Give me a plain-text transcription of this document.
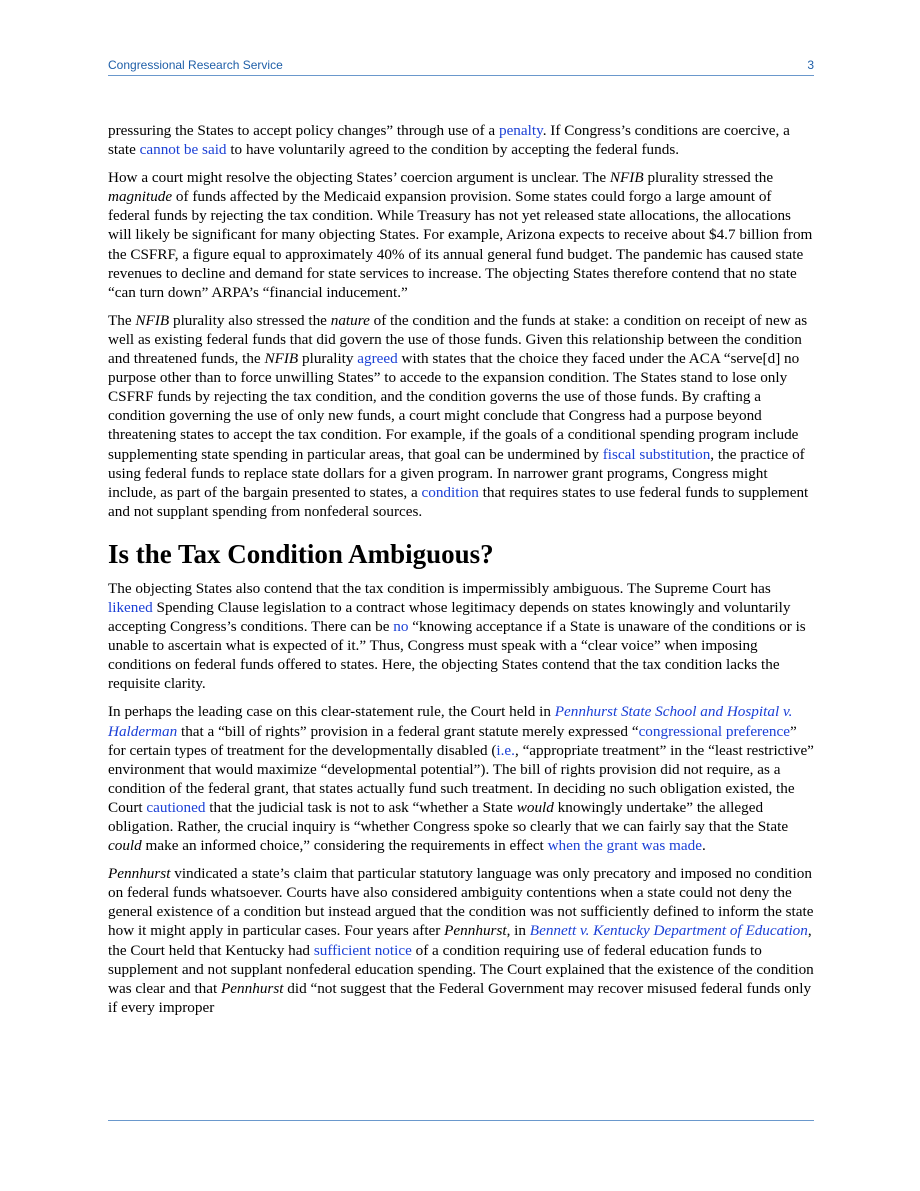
Congressional Research Service	3

pressuring the States to accept policy changes” through use of a penalty. If Congress’s conditions are coercive, a state cannot be said to have voluntarily agreed to the condition by accepting the federal funds.

How a court might resolve the objecting States’ coercion argument is unclear. The NFIB plurality stressed the magnitude of funds affected by the Medicaid expansion provision. Some states could forgo a large amount of federal funds by rejecting the tax condition. While Treasury has not yet released state allocations, the allocations will likely be significant for many objecting States. For example, Arizona expects to receive about $4.7 billion from the CSFRF, a figure equal to approximately 40% of its annual general fund budget. The pandemic has caused state revenues to decline and demand for state services to increase. The objecting States therefore contend that no state “can turn down” ARPA’s “financial inducement.”

The NFIB plurality also stressed the nature of the condition and the funds at stake: a condition on receipt of new as well as existing federal funds that did govern the use of those funds. Given this relationship between the condition and threatened funds, the NFIB plurality agreed with states that the choice they faced under the ACA “serve[d] no purpose other than to force unwilling States” to accede to the expansion condition. The States stand to lose only CSFRF funds by rejecting the tax condition, and the condition governs the use of those funds. By crafting a condition governing the use of only new funds, a court might conclude that Congress had a purpose beyond threatening states to accept the tax condition. For example, if the goals of a conditional spending program include supplementing state spending in particular areas, that goal can be undermined by fiscal substitution, the practice of using federal funds to replace state dollars for a given program. In narrower grant programs, Congress might include, as part of the bargain presented to states, a condition that requires states to use federal funds to supplement and not supplant spending from nonfederal sources.

Is the Tax Condition Ambiguous?

The objecting States also contend that the tax condition is impermissibly ambiguous. The Supreme Court has likened Spending Clause legislation to a contract whose legitimacy depends on states knowingly and voluntarily accepting Congress’s conditions. There can be no “knowing acceptance if a State is unaware of the conditions or is unable to ascertain what is expected of it.” Thus, Congress must speak with a “clear voice” when imposing conditions on federal funds offered to states. Here, the objecting States contend that the tax condition lacks the requisite clarity.

In perhaps the leading case on this clear-statement rule, the Court held in Pennhurst State School and Hospital v. Halderman that a “bill of rights” provision in a federal grant statute merely expressed “congressional preference” for certain types of treatment for the developmentally disabled (i.e., “appropriate treatment” in the “least restrictive” environment that would maximize “developmental potential”). The bill of rights provision did not require, as a condition of the federal grant, that states actually fund such treatment. In deciding no such obligation existed, the Court cautioned that the judicial task is not to ask “whether a State would knowingly undertake” the alleged obligation. Rather, the crucial inquiry is “whether Congress spoke so clearly that we can fairly say that the State could make an informed choice,” considering the requirements in effect when the grant was made.

Pennhurst vindicated a state’s claim that particular statutory language was only precatory and imposed no condition on federal funds whatsoever. Courts have also considered ambiguity contentions when a state could not deny the general existence of a condition but instead argued that the condition was not sufficiently defined to inform the state how it might apply in particular cases. Four years after Pennhurst, in Bennett v. Kentucky Department of Education, the Court held that Kentucky had sufficient notice of a condition requiring use of federal education funds to supplement and not supplant nonfederal education spending. The Court explained that the existence of the condition was clear and that Pennhurst did “not suggest that the Federal Government may recover misused federal funds only if every improper
